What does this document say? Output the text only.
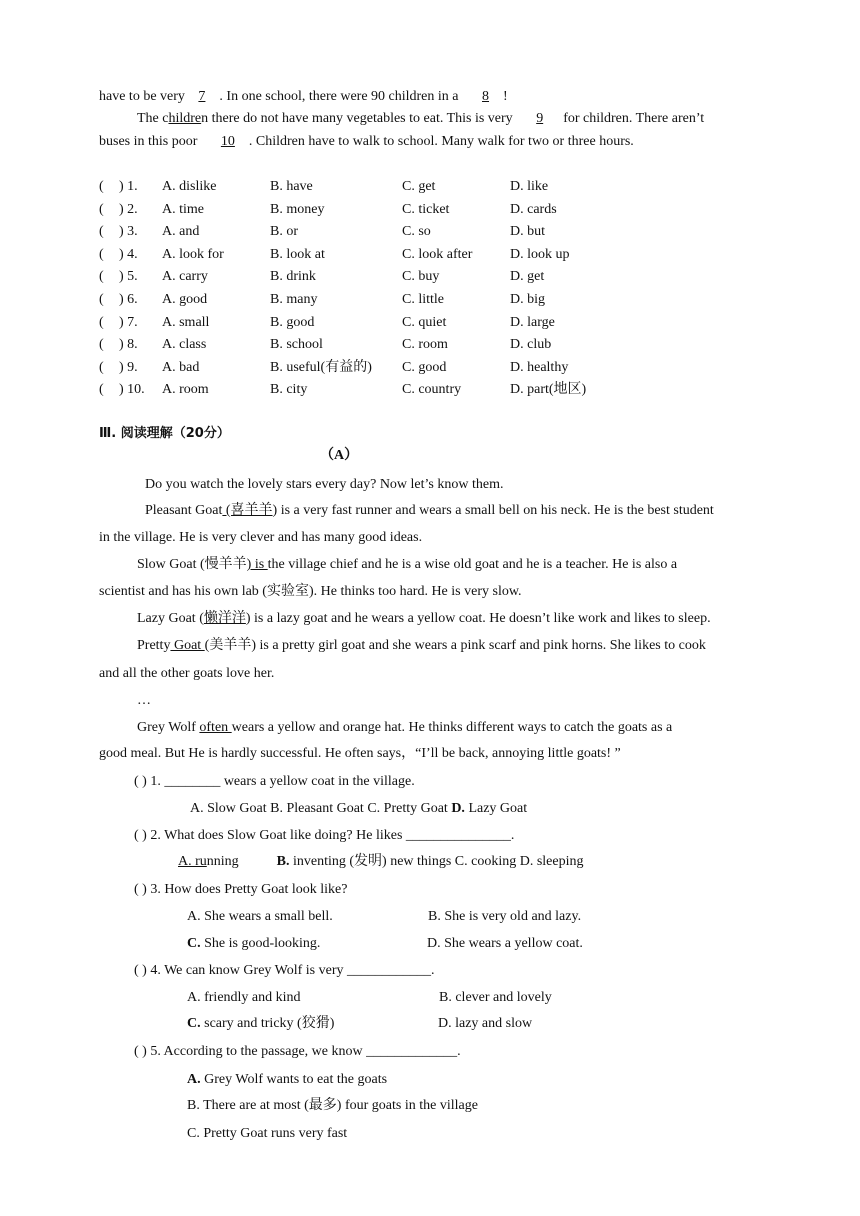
have to be very 7 . In one school, there were 90 children in a 8 !
The children there do not have many vegetables to eat. This is very 9 for children. There aren’t
buses in this poor 10 . Children have to walk to school. Many walk for two or three hours.
( ) 1. A. dislike	B. have	C. get	D. like
( ) 2. A. time	B. money	C. ticket	D. cards
( ) 3. A. and	B. or	C. so	D. but
( ) 4. A. look for	B. look at	C. look after	D. look up
( ) 5. A. carry	B. drink	C. buy	D. get
( ) 6. A. good	B. many	C. little	D. big
( ) 7. A. small	B. good	C. quiet	D. large
( ) 8. A. class	B. school	C. room	D. club
( ) 9. A. bad	B. useful(有益的) C. good	D. healthy
( ) 10. A. room	B. city	C. country	D. part(地区)
Ⅲ. 阅读理解（20分）
（A）
Do you watch the lovely stars every day? Now let’s know them.
Pleasant Goat (喜羊羊) is a very fast runner and wears a small bell on his neck. He is the best student
in the village. He is very clever and has many good ideas.
Slow Goat (慢羊羊) is the village chief and he is a wise old goat and he is a teacher. He is also a
scientist and has his own lab (实验室). He thinks too hard. He is very slow.
Lazy Goat (懒洋洋) is a lazy goat and he wears a yellow coat. He doesn’t like work and likes to sleep.
Pretty Goat (美羊羊) is a pretty girl goat and she wears a pink scarf and pink horns. She likes to cook
and all the other goats love her.
…
Grey Wolf often wears a yellow and orange hat. He thinks different ways to catch the goats as a
good meal. But He is hardly successful. He often says，“I’ll be back, annoying little goats! ”
( ) 1. ________ wears a yellow coat in the village.
A. Slow Goat B. Pleasant Goat C. Pretty Goat D. Lazy Goat
( ) 2. What does Slow Goat like doing? He likes _______________.
A. running	B. inventing (发明) new things C. cooking D. sleeping
( ) 3. How does Pretty Goat look like?
A. She wears a small bell.	B. She is very old and lazy.
C. She is good-looking.	D. She wears a yellow coat.
( ) 4. We can know Grey Wolf is very ____________.
A. friendly and kind	B. clever and lovely
C. scary and tricky (狡猾)	D. lazy and slow
( ) 5. According to the passage, we know _____________.
A. Grey Wolf wants to eat the goats
B. There are at most (最多) four goats in the village
C. Pretty Goat runs very fast
